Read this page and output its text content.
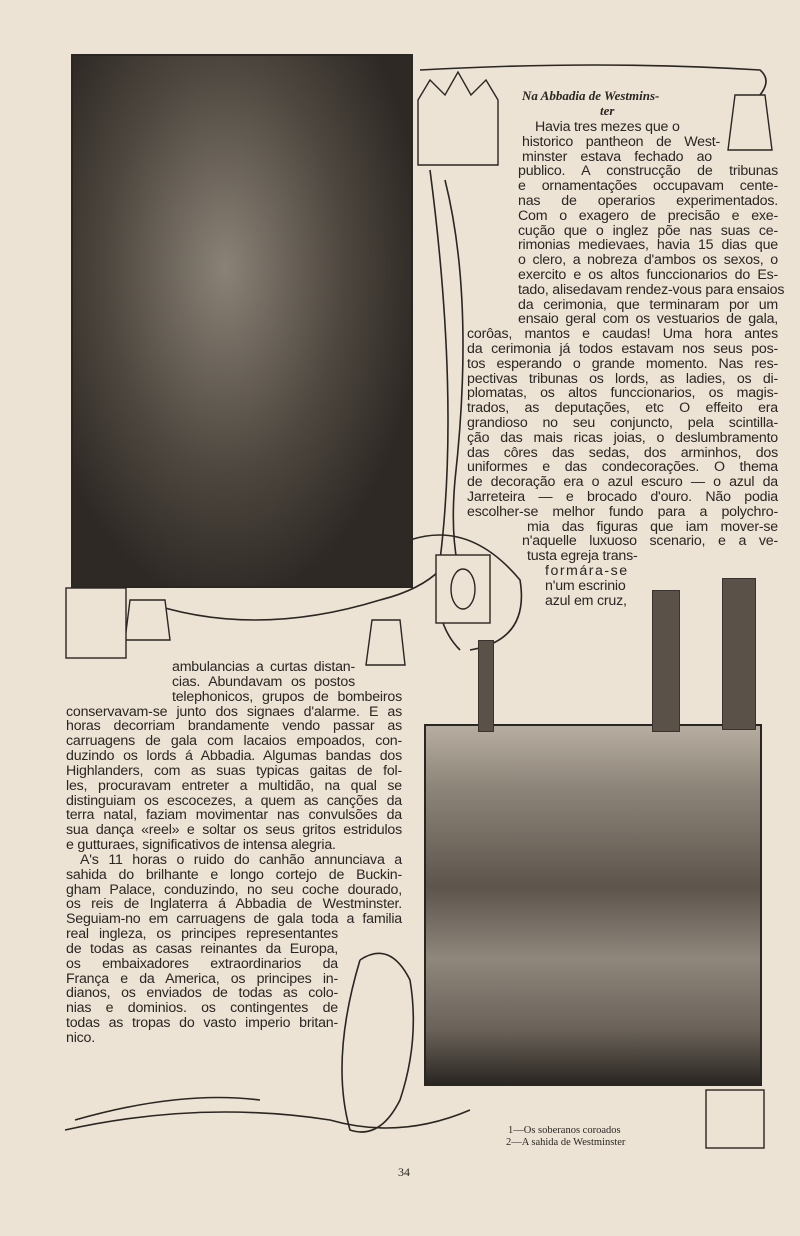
Na Abbadia de Westmins-
ter
Havia tres mezes que o
historico pantheon de West-
minster estava fechado ao
publico. A construcção de tribunas
e ornamentações occupavam cente-
nas de operarios experimentados.
Com o exagero de precisão e exe-
cução que o inglez põe nas suas ce-
rimonias medievaes, havia 15 dias que
o clero, a nobreza d'ambos os sexos, o
exercito e os altos funccionarios do Es-
tado, alisedavam rendez-vous para ensaios
da cerimonia, que terminaram por um
ensaio geral com os vestuarios de gala,
corôas, mantos e caudas! Uma hora antes
da cerimonia já todos estavam nos seus pos-
tos esperando o grande momento. Nas res-
pectivas tribunas os lords, as ladies, os di-
plomatas, os altos funccionarios, os magis-
trados, as deputações, etc O effeito era
grandioso no seu conjuncto, pela scintilla-
ção das mais ricas joias, o deslumbramento
das côres das sedas, dos arminhos, dos
uniformes e das condecorações. O thema
de decoração era o azul escuro — o azul da
Jarreteira — e brocado d'ouro. Não podia
escolher-se melhor fundo para a polychro-
mia das figuras que iam mover-se
n'aquelle luxuoso scenario, e a ve-
tusta egreja trans-
formára-se
n'um escrinio
azul em cruz,
ambulancias a curtas distan-
cias. Abundavam os postos
telephonicos, grupos de bombeiros
conservavam-se junto dos signaes d'alarme. E as
horas decorriam brandamente vendo passar as
carruagens de gala com lacaios empoados, con-
duzindo os lords á Abbadia. Algumas bandas dos
Highlanders, com as suas typicas gaitas de fol-
les, procuravam entreter a multidão, na qual se
distinguiam os escocezes, a quem as canções da
terra natal, faziam movimentar nas convulsões da
sua dança «reel» e soltar os seus gritos estridulos
e gutturaes, significativos de intensa alegria.
A's 11 horas o ruido do canhão annunciava a
sahida do brilhante e longo cortejo de Buckin-
gham Palace, conduzindo, no seu coche dourado,
os reis de Inglaterra á Abbadia de Westminster.
Seguiam-no em carruagens de gala toda a familia
real ingleza, os principes representantes
de todas as casas reinantes da Europa,
os embaixadores extraordinarios da
França e da America, os principes in-
dianos, os enviados de todas as colo-
nias e dominios. os contingentes de
todas as tropas do vasto imperio britan-
nico.
1—Os soberanos coroados
2—A sahida de Westminster
34
